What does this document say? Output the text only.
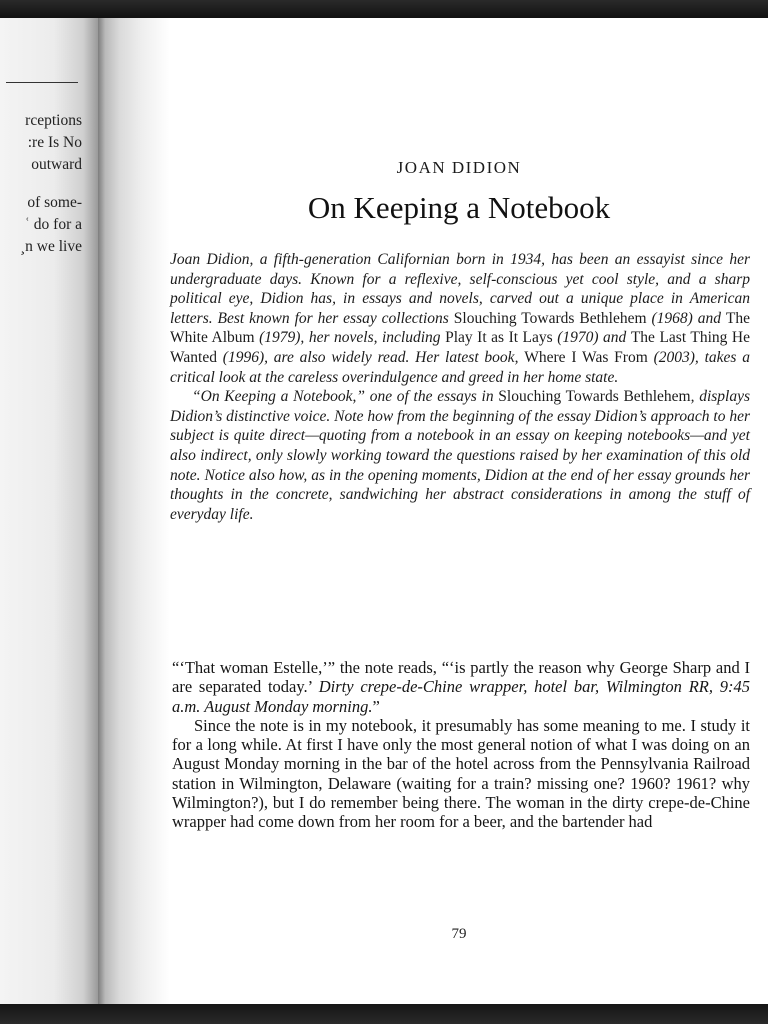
rceptions
:re Is No
outward
of some-
ʿ do for a
¸n we live
JOAN DIDION
On Keeping a Notebook

Joan Didion, a fifth-generation Californian born in 1934, has been an essayist since her undergraduate days. Known for a reflexive, self-conscious yet cool style, and a sharp political eye, Didion has, in essays and novels, carved out a unique place in American letters. Best known for her essay collections Slouching Towards Bethlehem (1968) and The White Album (1979), her novels, including Play It as It Lays (1970) and The Last Thing He Wanted (1996), are also widely read. Her latest book, Where I Was From (2003), takes a critical look at the careless overindulgence and greed in her home state.

“On Keeping a Notebook,” one of the essays in Slouching Towards Bethlehem, displays Didion’s distinctive voice. Note how from the beginning of the essay Didion’s approach to her subject is quite direct—quoting from a notebook in an essay on keeping notebooks—and yet also indirect, only slowly working toward the questions raised by her examination of this old note. Notice also how, as in the opening moments, Didion at the end of her essay grounds her thoughts in the concrete, sandwiching her abstract considerations in among the stuff of everyday life.

“‘That woman Estelle,’” the note reads, “‘is partly the reason why George Sharp and I are separated today.’ Dirty crepe-de-Chine wrapper, hotel bar, Wilmington RR, 9:45 a.m. August Monday morning.”

Since the note is in my notebook, it presumably has some meaning to me. I study it for a long while. At first I have only the most general notion of what I was doing on an August Monday morning in the bar of the hotel across from the Pennsylvania Railroad station in Wilmington, Delaware (waiting for a train? missing one? 1960? 1961? why Wilmington?), but I do remember being there. The woman in the dirty crepe-de-Chine wrapper had come down from her room for a beer, and the bartender had

79
